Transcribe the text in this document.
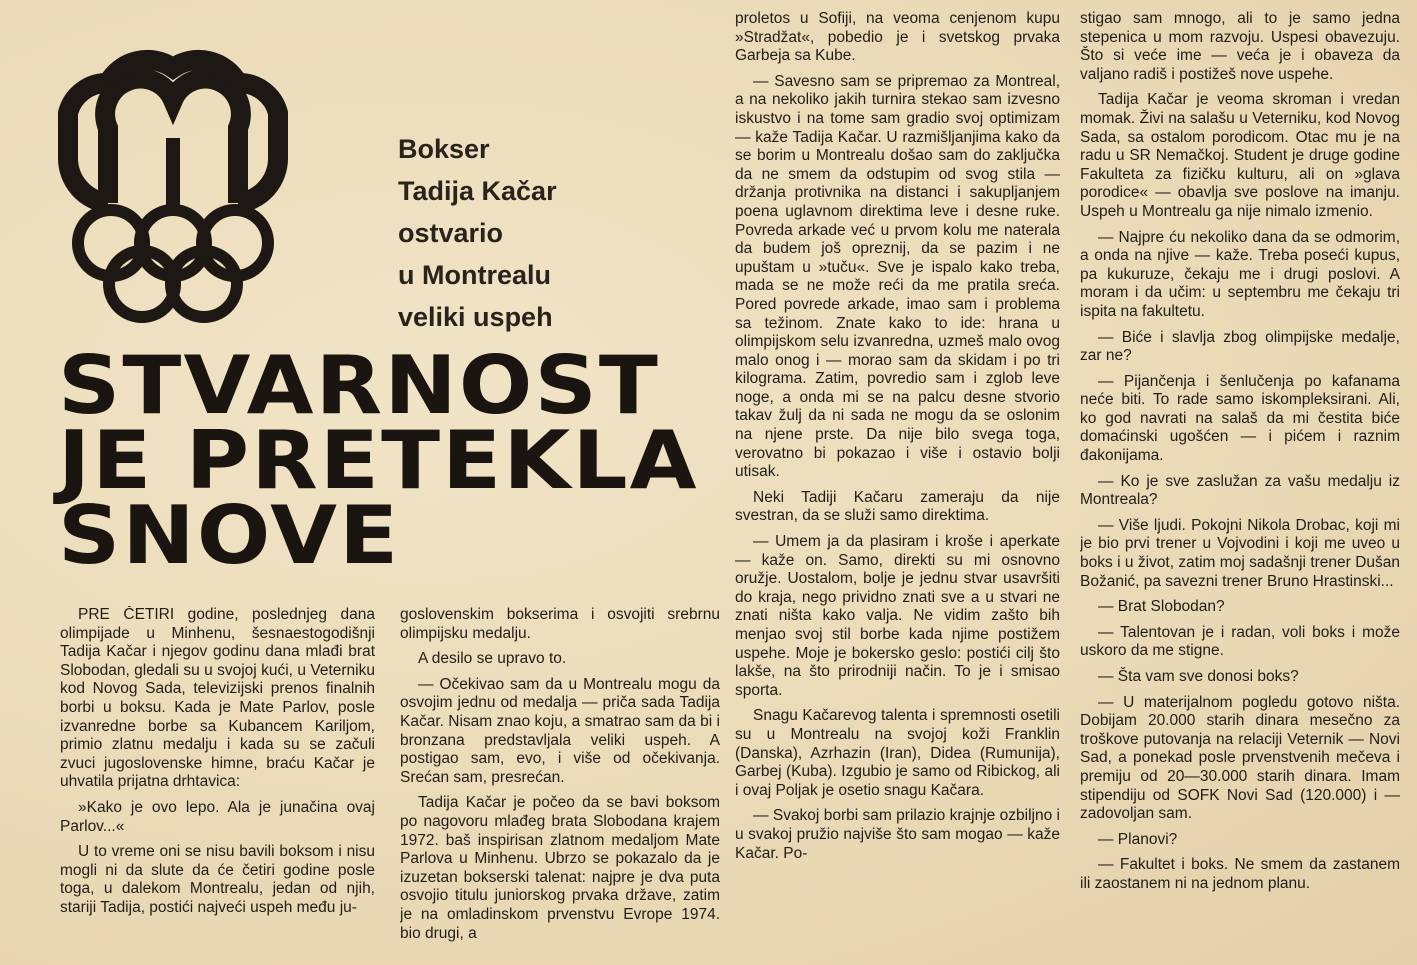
Bokser
Tadija Kačar
ostvario
u Montrealu
veliki uspeh
STVARNOST
JE PRETEKLA
SNOVE

PRE ČETIRI godine, poslednjeg dana olimpijade u Minhenu, šesnaestogodišnji Tadija Kačar i njegov godinu dana mlađi brat Slobodan, gledali su u svojoj kući, u Veterniku kod Novog Sada, televizijski prenos finalnih borbi u boksu. Kada je Mate Parlov, posle izvanredne borbe sa Kubancem Kariljom, primio zlatnu medalju i kada su se začuli zvuci jugoslovenske himne, braću Kačar je uhvatila prijatna drhtavica:

»Kako je ovo lepo. Ala je junačina ovaj Parlov...«

U to vreme oni se nisu bavili boksom i nisu mogli ni da slute da će četiri godine posle toga, u dalekom Montrealu, jedan od njih, stariji Tadija, postići najveći uspeh među ju-

goslovenskim bokserima i osvojiti srebrnu olimpijsku medalju.

A desilo se upravo to.

— Očekivao sam da u Montrealu mogu da osvojim jednu od medalja — priča sada Tadija Kačar. Nisam znao koju, a smatrao sam da bi i bronzana predstavljala veliki uspeh. A postigao sam, evo, i više od očekivanja. Srećan sam, presrećan.

Tadija Kačar je počeo da se bavi boksom po nagovoru mlađeg brata Slobodana krajem 1972. baš inspirisan zlatnom medaljom Mate Parlova u Minhenu. Ubrzo se pokazalo da je izuzetan bokserski talenat: najpre je dva puta osvojio titulu juniorskog prvaka države, zatim je na omladinskom prvenstvu Evrope 1974. bio drugi, a

proletos u Sofiji, na veoma cenjenom kupu »Stradžat«, pobedio je i svetskog prvaka Garbeja sa Kube.

— Savesno sam se pripremao za Montreal, a na nekoliko jakih turnira stekao sam izvesno iskustvo i na tome sam gradio svoj optimizam — kaže Tadija Kačar. U razmišljanjima kako da se borim u Montrealu došao sam do zaključka da ne smem da odstupim od svog stila — držanja protivnika na distanci i sakupljanjem poena uglavnom direktima leve i desne ruke. Povreda arkade već u prvom kolu me naterala da budem još opreznij, da se pazim i ne upuštam u »tuču«. Sve je ispalo kako treba, mada se ne može reći da me pratila sreća. Pored povrede arkade, imao sam i problema sa težinom. Znate kako to ide: hrana u olimpijskom selu izvanredna, uzmeš malo ovog malo onog i — morao sam da skidam i po tri kilograma. Zatim, povredio sam i zglob leve noge, a onda mi se na palcu desne stvorio takav žulj da ni sada ne mogu da se oslonim na njene prste. Da nije bilo svega toga, verovatno bi pokazao i više i ostavio bolji utisak.

Neki Tadiji Kačaru zameraju da nije svestran, da se služi samo direktima.

— Umem ja da plasiram i kroše i aperkate — kaže on. Samo, direkti su mi osnovno oružje. Uostalom, bolje je jednu stvar usavršiti do kraja, nego prividno znati sve a u stvari ne znati ništa kako valja. Ne vidim zašto bih menjao svoj stil borbe kada njime postižem uspehe. Moje je bokersko geslo: postići cilj što lakše, na što prirodniji način. To je i smisao sporta.

Snagu Kačarevog talenta i spremnosti osetili su u Montrealu na svojoj koži Franklin (Danska), Azrhazin (Iran), Didea (Rumunija), Garbej (Kuba). Izgubio je samo od Ribickog, ali i ovaj Poljak je osetio snagu Kačara.

— Svakoj borbi sam prilazio krajnje ozbiljno i u svakoj pružio najviše što sam mogao — kaže Kačar. Po-

stigao sam mnogo, ali to je samo jedna stepenica u mom razvoju. Uspesi obavezuju. Što si veće ime — veća je i obaveza da valjano radiš i postižeš nove uspehe.

Tadija Kačar je veoma skroman i vredan momak. Živi na salašu u Veterniku, kod Novog Sada, sa ostalom porodicom. Otac mu je na radu u SR Nemačkoj. Student je druge godine Fakulteta za fizičku kulturu, ali on »glava porodice« — obavlja sve poslove na imanju. Uspeh u Montrealu ga nije nimalo izmenio.

— Najpre ću nekoliko dana da se odmorim, a onda na njive — kaže. Treba poseći kupus, pa kukuruze, čekaju me i drugi poslovi. A moram i da učim: u septembru me čekaju tri ispita na fakultetu.

— Biće i slavlja zbog olimpijske medalje, zar ne?

— Pijančenja i šenlučenja po kafanama neće biti. To rade samo iskompleksirani. Ali, ko god navrati na salaš da mi čestita biće domaćinski ugošćen — i pićem i raznim đakonijama.

— Ko je sve zaslužan za vašu medalju iz Montreala?

— Više ljudi. Pokojni Nikola Drobac, koji mi je bio prvi trener u Vojvodini i koji me uveo u boks i u život, zatim moj sadašnji trener Dušan Božanić, pa savezni trener Bruno Hrastinski...

— Brat Slobodan?

— Talentovan je i radan, voli boks i može uskoro da me stigne.

— Šta vam sve donosi boks?

— U materijalnom pogledu gotovo ništa. Dobijam 20.000 starih dinara mesečno za troškove putovanja na relaciji Veternik — Novi Sad, a ponekad posle prvenstvenih mečeva i premiju od 20—30.000 starih dinara. Imam stipendiju od SOFK Novi Sad (120.000) i — zadovoljan sam.

— Planovi?

— Fakultet i boks. Ne smem da zastanem ili zaostanem ni na jednom planu.
